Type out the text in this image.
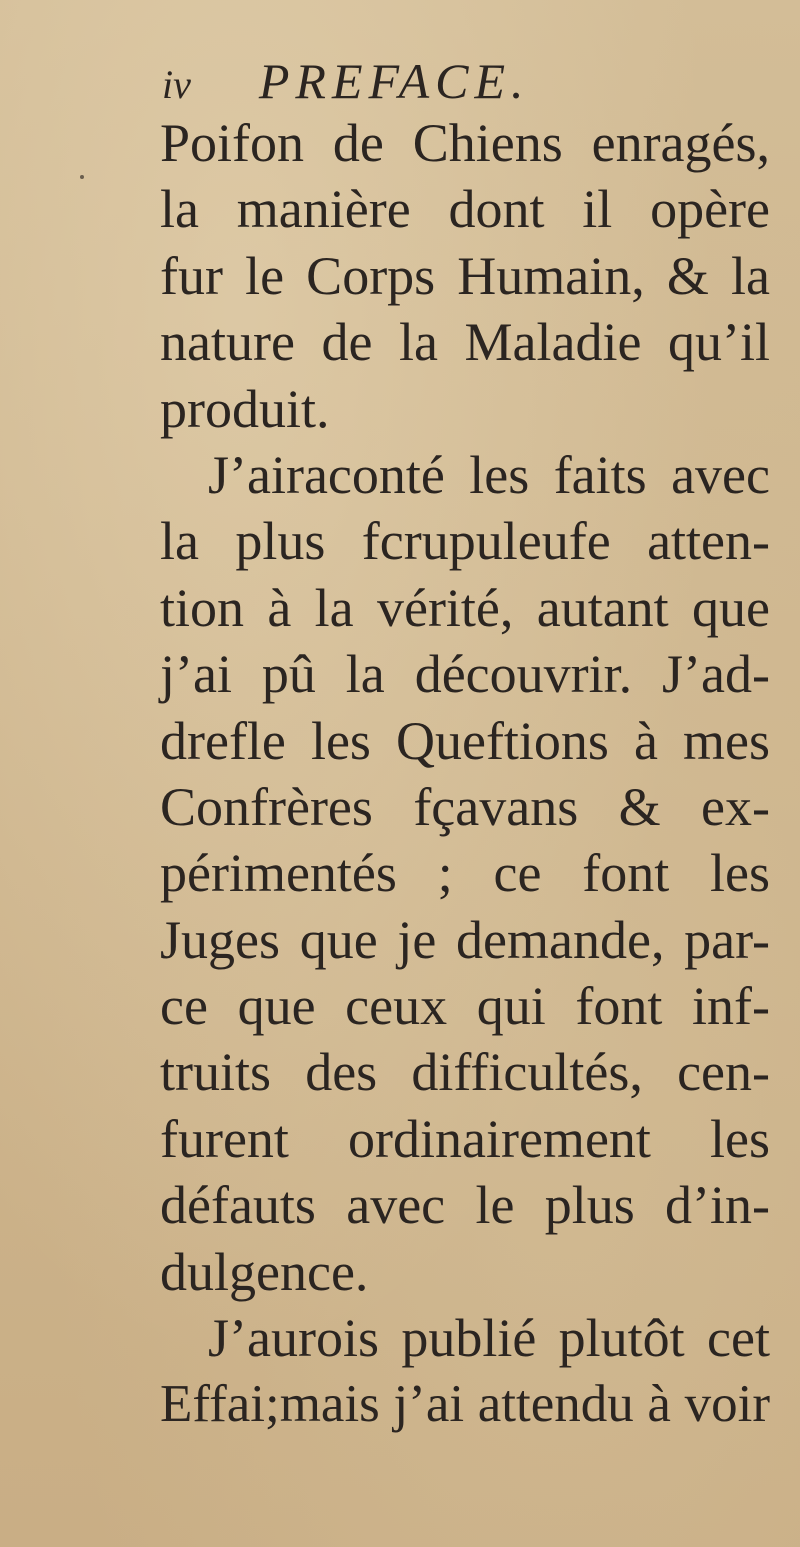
iv PREFACE.
Poifon de Chiens enragés,
la manière dont il opère
fur le Corps Humain, & la
nature de la Maladie qu’il
produit.
J’airaconté les faits avec
la plus fcrupuleufe atten-
tion à la vérité, autant que
j’ai pû la découvrir. J’ad-
drefle les Queftions à mes
Confrères fçavans & ex-
périmentés ; ce font les
Juges que je demande, par-
ce que ceux qui font inf-
truits des difficultés, cen-
furent ordinairement les
défauts avec le plus d’in-
dulgence.
J’aurois publié plutôt cet
Effai;mais j’ai attendu à voir
